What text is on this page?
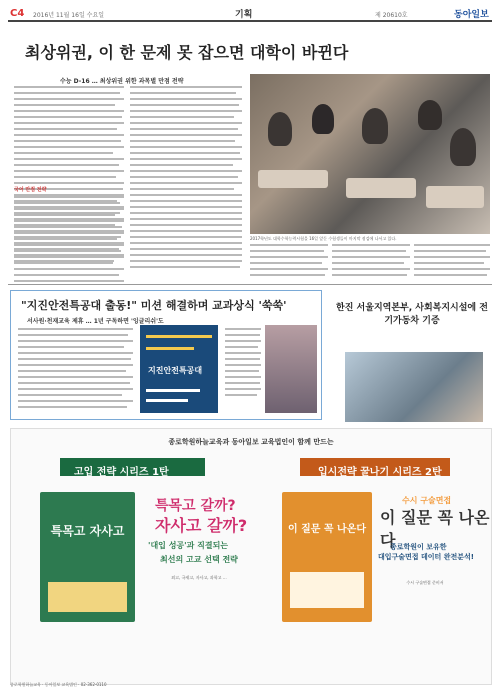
C4 2016년 11월 16일 수요일	기획	제 20610호	동아일보
최상위권, 이 한 문제 못 잡으면 대학이 바뀐다
수능 D-16 … 최상위권 위한 과목별 만점 전략
2017학년도 대학수학능력시험을 16일 앞둔 수험생들이 마지막 점검에 나서고 있다.
국어 만점 전략
"지진안전특공대 출동!" 미션 해결하며 교과상식 '쑥쑥'
서사원·천재교육 제휴 … 1년 구독하면 '잉글리쉬'도
지진안전특공대
한진 서울지역본부, 사회복지시설에 전기가동차 기증
종로학원하늘교육과 동아일보 교육법인이 함께 만드는
고입 전략 시리즈 1탄	입시전략 꿀나기 시리즈 2탄
특목고 자사고
특목고 갈까?
자사고 갈까?
'대입 성공'과 직결되는
최선의 고교 선택 전략
외고, 국제고, 자사고, 과학고 …
이 질문 꼭 나온다
수시 구술면접
이 질문 꼭 나온다
종로학원이 보유한
대입구술면접 데이터 완전분석!
수시 구술면접 준비서
종로학원하늘교육 · 동아일보 교육법인 · 02-362-0110
